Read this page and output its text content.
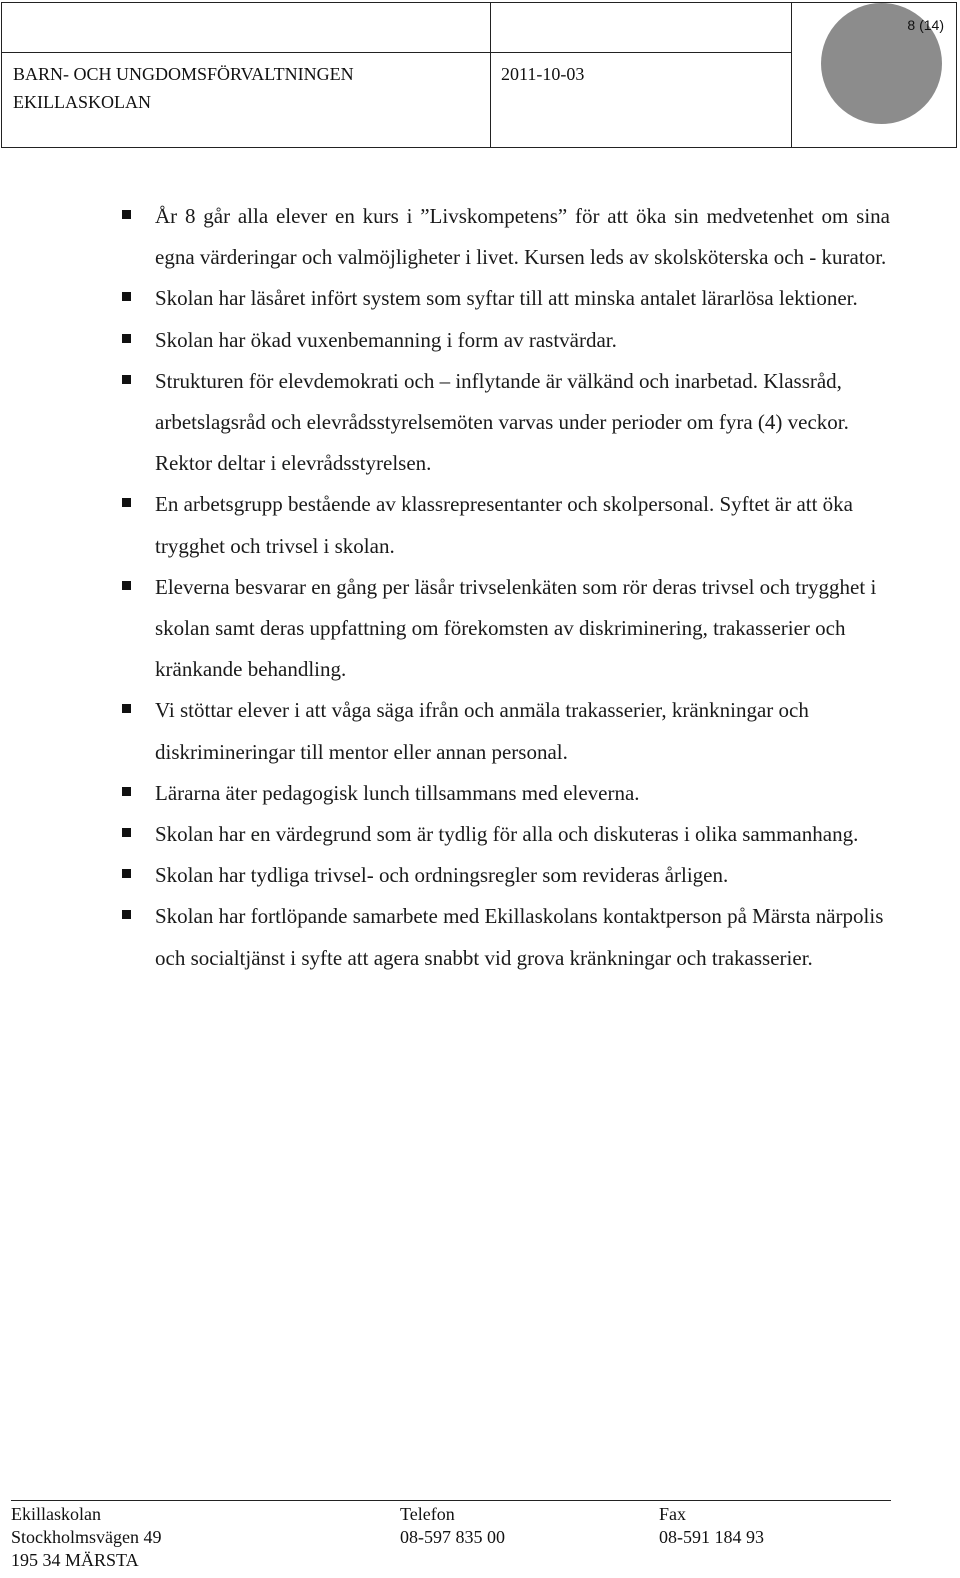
BARN- OCH UNGDOMSFÖRVALTNINGEN
EKILLASKOLAN
2011-10-03
8 (14)
År 8 går alla elever en kurs i ”Livskompetens” för att öka sin medvetenhet om sina egna värderingar och valmöjligheter i livet. Kursen leds av skolsköterska och - kurator.
Skolan har läsåret infört system som syftar till att minska antalet lärarlösa lektioner.
Skolan har ökad vuxenbemanning i form av rastvärdar.
Strukturen för elevdemokrati och – inflytande är välkänd och inarbetad. Klassråd, arbetslagsråd och elevrådsstyrelsemöten varvas under perioder om fyra (4) veckor. Rektor deltar i elevrådsstyrelsen.
En arbetsgrupp bestående av klassrepresentanter och skolpersonal. Syftet är att öka trygghet och trivsel i skolan.
Eleverna besvarar en gång per läsår trivselenkäten som rör deras trivsel och trygghet i skolan samt deras uppfattning om förekomsten av diskriminering, trakasserier och kränkande behandling.
Vi stöttar elever i att våga säga ifrån och anmäla trakasserier, kränkningar och diskrimineringar till mentor eller annan personal.
Lärarna äter pedagogisk lunch tillsammans med eleverna.
Skolan har en värdegrund som är tydlig för alla och diskuteras i olika sammanhang.
Skolan har tydliga trivsel- och ordningsregler som revideras årligen.
Skolan har fortlöpande samarbete med Ekillaskolans kontaktperson på Märsta närpolis och socialtjänst i syfte att agera snabbt vid grova kränkningar och trakasserier.
Ekillaskolan
Stockholmsvägen 49
195 34 MÄRSTA
Telefon
08-597 835 00
Fax
08-591 184 93
